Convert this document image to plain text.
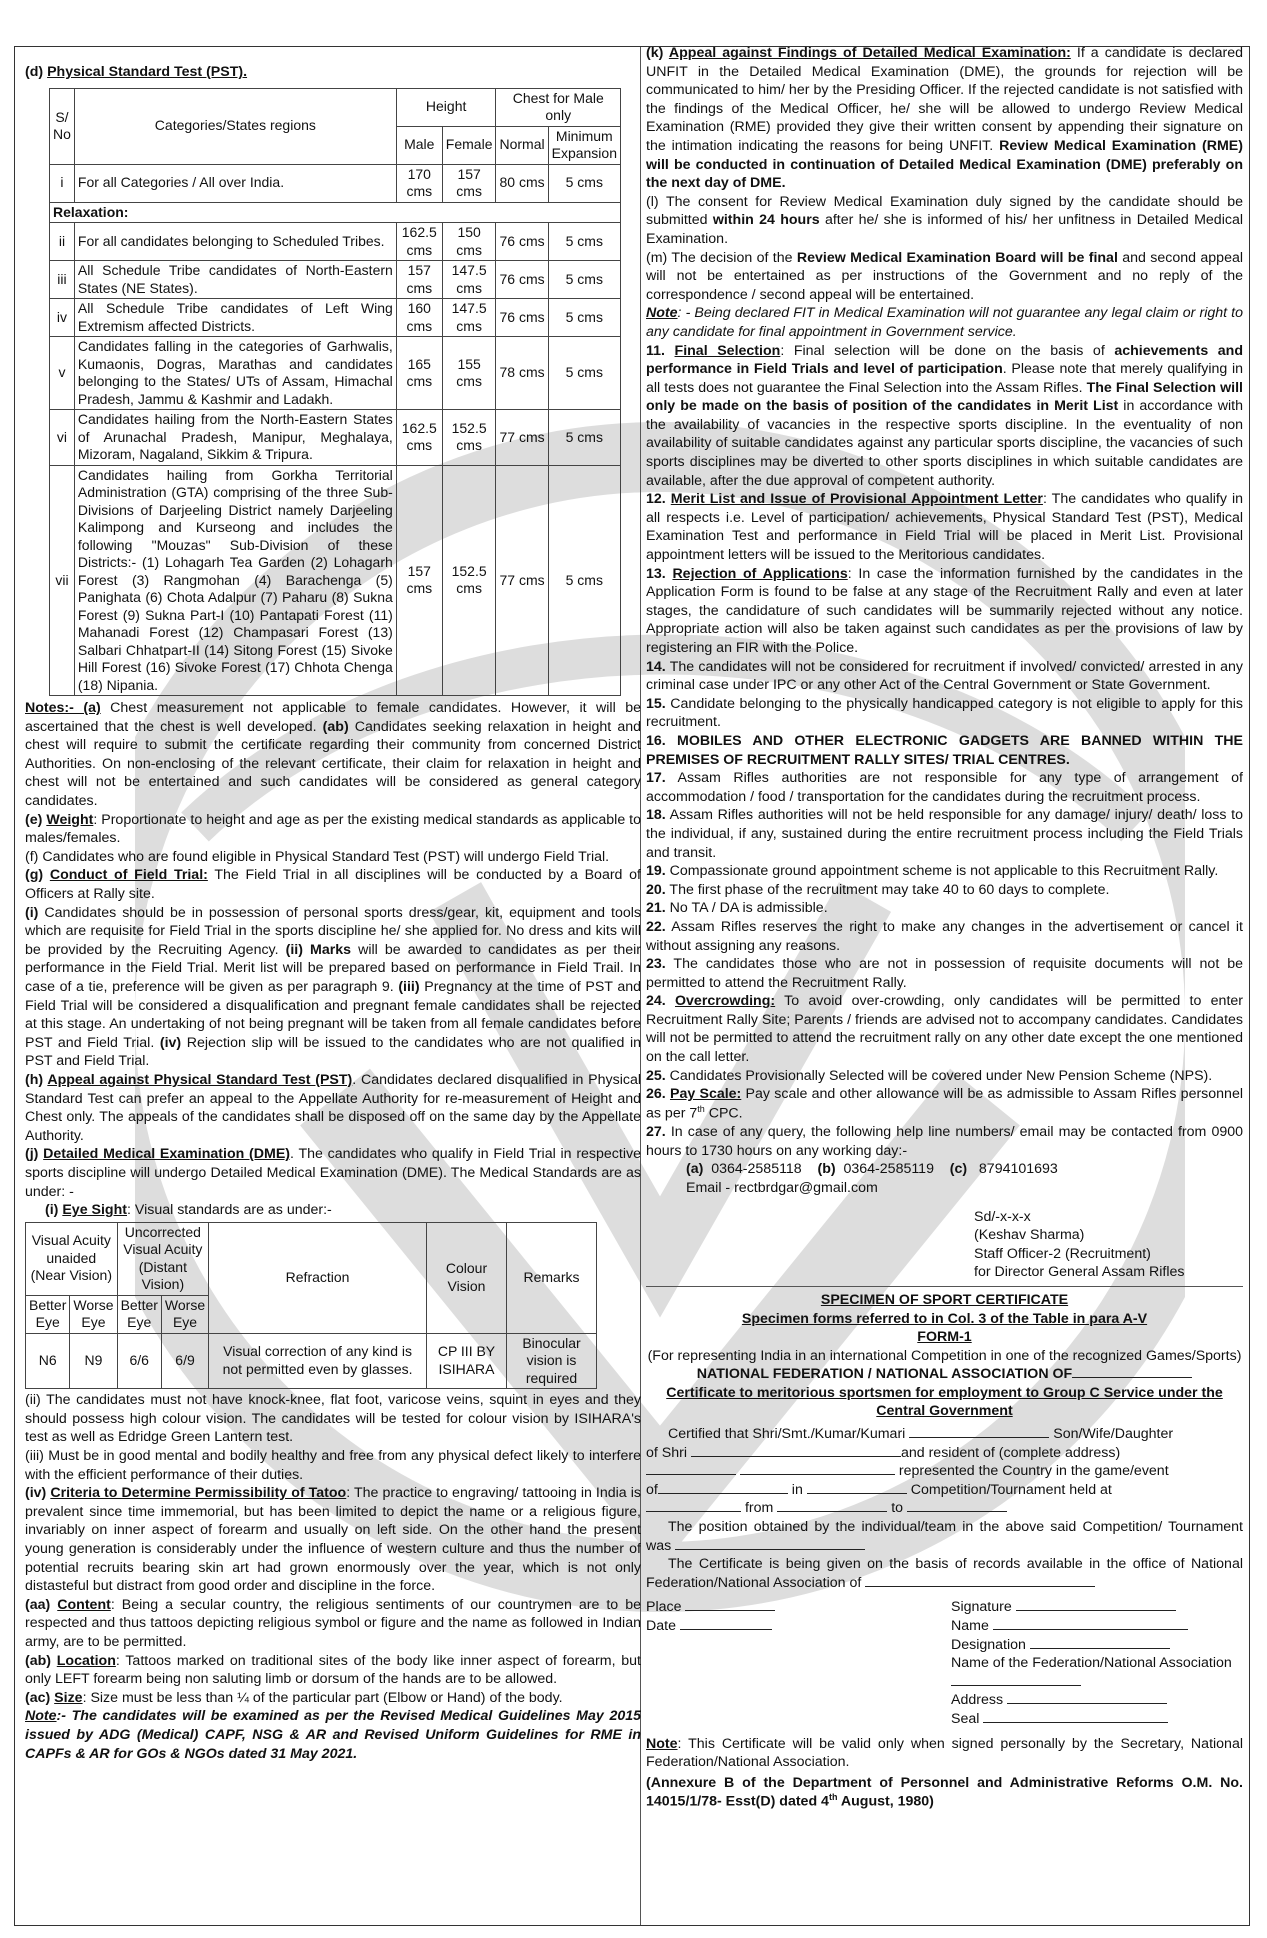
(d) Physical Standard Test (PST).

S/ No	Categories/States regions	Height		Chest for Male only	
		Male	Female	Normal	Minimum Expansion
i	For all Categories / All over India.	170 cms	157 cms	80 cms	5 cms
Relaxation:					
ii	For all candidates belonging to Scheduled Tribes.	162.5 cms	150 cms	76 cms	5 cms
iii	All Schedule Tribe candidates of North-Eastern States (NE States).	157 cms	147.5 cms	76 cms	5 cms
iv	All Schedule Tribe candidates of Left Wing Extremism affected Districts.	160 cms	147.5 cms	76 cms	5 cms
v	Candidates falling in the categories of Garhwalis, Kumaonis, Dogras, Marathas and candidates belonging to the States/ UTs of Assam, Himachal Pradesh, Jammu & Kashmir and Ladakh.	165 cms	155 cms	78 cms	5 cms
vi	Candidates hailing from the North-Eastern States of Arunachal Pradesh, Manipur, Meghalaya, Mizoram, Nagaland, Sikkim & Tripura.	162.5 cms	152.5 cms	77 cms	5 cms
vii	Candidates hailing from Gorkha Territorial Administration (GTA) comprising of the three Sub-Divisions of Darjeeling District namely Darjeeling Kalimpong and Kurseong and includes the following "Mouzas" Sub-Division of these Districts:- (1) Lohagarh Tea Garden (2) Lohagarh Forest (3) Rangmohan (4) Barachenga (5) Panighata (6) Chota Adalpur (7) Paharu (8) Sukna Forest (9) Sukna Part-I (10) Pantapati Forest (11) Mahanadi Forest (12) Champasari Forest (13) Salbari Chhatpart-II (14) Sitong Forest (15) Sivoke Hill Forest (16) Sivoke Forest (17) Chhota Chenga (18) Nipania.	157 cms	152.5 cms	77 cms	5 cms

Notes:- (a) Chest measurement not applicable to female candidates. However, it will be ascertained that the chest is well developed. (ab) Candidates seeking relaxation in height and chest will require to submit the certificate regarding their community from concerned District Authorities. On non-enclosing of the relevant certificate, their claim for relaxation in height and chest will not be entertained and such candidates will be considered as general category candidates.

(e) Weight: Proportionate to height and age as per the existing medical standards as applicable to males/females.

(f) Candidates who are found eligible in Physical Standard Test (PST) will undergo Field Trial.

(g) Conduct of Field Trial: The Field Trial in all disciplines will be conducted by a Board of Officers at Rally site.

(i) Candidates should be in possession of personal sports dress/gear, kit, equipment and tools which are requisite for Field Trial in the sports discipline he/ she applied for. No dress and kits will be provided by the Recruiting Agency. (ii) Marks will be awarded to candidates as per their performance in the Field Trial. Merit list will be prepared based on performance in Field Trail. In case of a tie, preference will be given as per paragraph 9. (iii) Pregnancy at the time of PST and Field Trial will be considered a disqualification and pregnant female candidates shall be rejected at this stage. An undertaking of not being pregnant will be taken from all female candidates before PST and Field Trial. (iv) Rejection slip will be issued to the candidates who are not qualified in PST and Field Trial.

(h) Appeal against Physical Standard Test (PST). Candidates declared disqualified in Physical Standard Test can prefer an appeal to the Appellate Authority for re-measurement of Height and Chest only. The appeals of the candidates shall be disposed off on the same day by the Appellate Authority.

(j) Detailed Medical Examination (DME). The candidates who qualify in Field Trial in respective sports discipline will undergo Detailed Medical Examination (DME). The Medical Standards are as under: -

(i) Eye Sight: Visual standards are as under:-

Visual Acuity unaided (Near Vision)		Uncorrected Visual Acuity (Distant Vision)		Refraction	Colour Vision	Remarks
Better Eye	Worse Eye	Better Eye	Worse Eye			
N6	N9	6/6	6/9	Visual correction of any kind is not permitted even by glasses.	CP III BY ISIHARA	Binocular vision is required

(ii) The candidates must not have knock-knee, flat foot, varicose veins, squint in eyes and they should possess high colour vision. The candidates will be tested for colour vision by ISIHARA's test as well as Edridge Green Lantern test.

(iii) Must be in good mental and bodily healthy and free from any physical defect likely to interfere with the efficient performance of their duties.

(iv) Criteria to Determine Permissibility of Tatoo: The practice to engraving/ tattooing in India is prevalent since time immemorial, but has been limited to depict the name or a religious figure, invariably on inner aspect of forearm and usually on left side. On the other hand the present young generation is considerably under the influence of western culture and thus the number of potential recruits bearing skin art had grown enormously over the year, which is not only distasteful but distract from good order and discipline in the force.

(aa) Content: Being a secular country, the religious sentiments of our countrymen are to be respected and thus tattoos depicting religious symbol or figure and the name as followed in Indian army, are to be permitted.

(ab) Location: Tattoos marked on traditional sites of the body like inner aspect of forearm, but only LEFT forearm being non saluting limb or dorsum of the hands are to be allowed.

(ac) Size: Size must be less than ¼ of the particular part (Elbow or Hand) of the body.

Note:- The candidates will be examined as per the Revised Medical Guidelines May 2015 issued by ADG (Medical) CAPF, NSG & AR and Revised Uniform Guidelines for RME in CAPFs & AR for GOs & NGOs dated 31 May 2021.

(k) Appeal against Findings of Detailed Medical Examination: If a candidate is declared UNFIT in the Detailed Medical Examination (DME), the grounds for rejection will be communicated to him/ her by the Presiding Officer. If the rejected candidate is not satisfied with the findings of the Medical Officer, he/ she will be allowed to undergo Review Medical Examination (RME) provided they give their written consent by appending their signature on the intimation indicating the reasons for being UNFIT. Review Medical Examination (RME) will be conducted in continuation of Detailed Medical Examination (DME) preferably on the next day of DME.

(l) The consent for Review Medical Examination duly signed by the candidate should be submitted within 24 hours after he/ she is informed of his/ her unfitness in Detailed Medical Examination.

(m) The decision of the Review Medical Examination Board will be final and second appeal will not be entertained as per instructions of the Government and no reply of the correspondence / second appeal will be entertained.

Note: - Being declared FIT in Medical Examination will not guarantee any legal claim or right to any candidate for final appointment in Government service.

11. Final Selection: Final selection will be done on the basis of achievements and performance in Field Trials and level of participation. Please note that merely qualifying in all tests does not guarantee the Final Selection into the Assam Rifles. The Final Selection will only be made on the basis of position of the candidates in Merit List in accordance with the availability of vacancies in the respective sports discipline. In the eventuality of non availability of suitable candidates against any particular sports discipline, the vacancies of such sports disciplines may be diverted to other sports disciplines in which suitable candidates are available, after the due approval of competent authority.

12. Merit List and Issue of Provisional Appointment Letter: The candidates who qualify in all respects i.e. Level of participation/ achievements, Physical Standard Test (PST), Medical Examination Test and performance in Field Trial will be placed in Merit List. Provisional appointment letters will be issued to the Meritorious candidates.

13. Rejection of Applications: In case the information furnished by the candidates in the Application Form is found to be false at any stage of the Recruitment Rally and even at later stages, the candidature of such candidates will be summarily rejected without any notice. Appropriate action will also be taken against such candidates as per the provisions of law by registering an FIR with the Police.

14. The candidates will not be considered for recruitment if involved/ convicted/ arrested in any criminal case under IPC or any other Act of the Central Government or State Government.

15. Candidate belonging to the physically handicapped category is not eligible to apply for this recruitment.

16. MOBILES AND OTHER ELECTRONIC GADGETS ARE BANNED WITHIN THE PREMISES OF RECRUITMENT RALLY SITES/ TRIAL CENTRES.

17. Assam Rifles authorities are not responsible for any type of arrangement of accommodation / food / transportation for the candidates during the recruitment process.

18. Assam Rifles authorities will not be held responsible for any damage/ injury/ death/ loss to the individual, if any, sustained during the entire recruitment process including the Field Trials and transit.

19. Compassionate ground appointment scheme is not applicable to this Recruitment Rally.

20. The first phase of the recruitment may take 40 to 60 days to complete.

21. No TA / DA is admissible.

22. Assam Rifles reserves the right to make any changes in the advertisement or cancel it without assigning any reasons.

23. The candidates those who are not in possession of requisite documents will not be permitted to attend the Recruitment Rally.

24. Overcrowding: To avoid over-crowding, only candidates will be permitted to enter Recruitment Rally Site; Parents / friends are advised not to accompany candidates. Candidates will not be permitted to attend the recruitment rally on any other date except the one mentioned on the call letter.

25. Candidates Provisionally Selected will be covered under New Pension Scheme (NPS).

26. Pay Scale: Pay scale and other allowance will be as admissible to Assam Rifles personnel as per 7th CPC.

27. In case of any query, the following help line numbers/ email may be contacted from 0900 hours to 1730 hours on any working day:-

(a) 0364-2585118 (b) 0364-2585119 (c) 8794101693

Email - rectbrdgar@gmail.com

Sd/-x-x-x

(Keshav Sharma)

Staff Officer-2 (Recruitment)

for Director General Assam Rifles

SPECIMEN OF SPORT CERTIFICATE

Specimen forms referred to in Col. 3 of the Table in para A-V

FORM-1

(For representing India in an international Competition in one of the recognized Games/Sports)

NATIONAL FEDERATION / NATIONAL ASSOCIATION OF

Certificate to meritorious sportsmen for employment to Group C Service under the Central Government

Certified that Shri/Smt./Kumar/Kumari	Son/Wife/Daughter

of Shri	and resident of (complete address)

represented the Country in the game/event

of	in	Competition/Tournament held at

from	to

The position obtained by the individual/team in the above said Competition/ Tournament was

The Certificate is being given on the basis of records available in the office of National Federation/National Association of

Place

Date

Signature

Name

Designation

Name of the Federation/National Association

Address

Seal

Note: This Certificate will be valid only when signed personally by the Secretary, National Federation/National Association.

(Annexure B of the Department of Personnel and Administrative Reforms O.M. No. 14015/1/78- Esst(D) dated 4th August, 1980)
